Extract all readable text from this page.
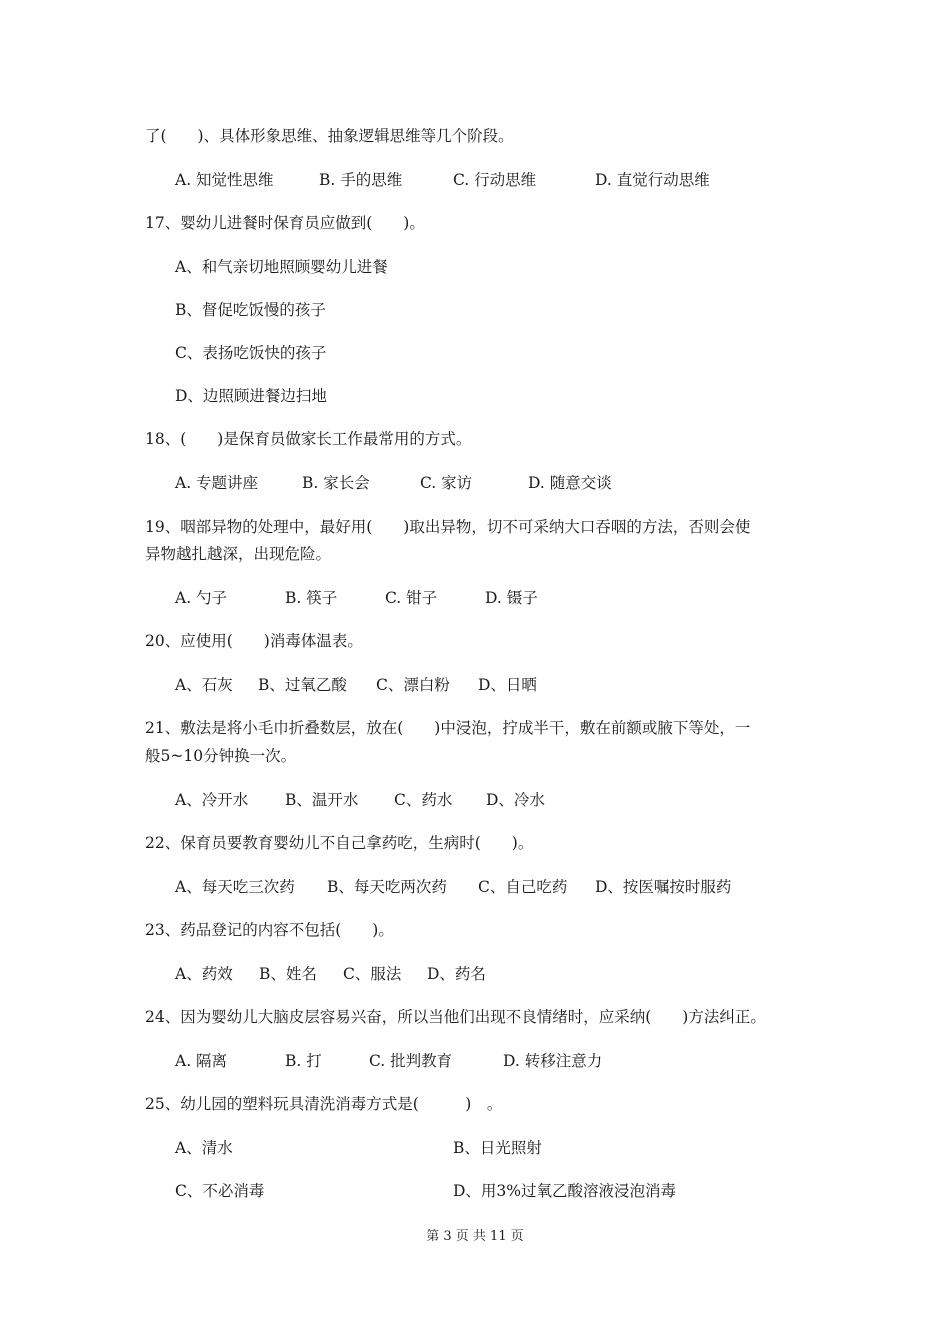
了(　　)、具体形象思维、抽象逻辑思维等几个阶段。
A. 知觉性思维	B. 手的思维	C. 行动思维	D. 直觉行动思维
17、婴幼儿进餐时保育员应做到(　　)。
A、和气亲切地照顾婴幼儿进餐
B、督促吃饭慢的孩子
C、表扬吃饭快的孩子
D、边照顾进餐边扫地
18、(　　)是保育员做家长工作最常用的方式。
A. 专题讲座	B. 家长会	C. 家访	D. 随意交谈
19、咽部异物的处理中，最好用(　　)取出异物，切不可采纳大口吞咽的方法，否则会使
异物越扎越深，出现危险。
A. 勺子	B. 筷子	C. 钳子	D. 镊子
20、应使用(　　)消毒体温表。
A、石灰 B、过氧乙酸 C、漂白粉 D、日晒
21、敷法是将小毛巾折叠数层，放在(　　)中浸泡，拧成半干，敷在前额或腋下等处，一
般5~10分钟换一次。
A、冷开水 B、温开水 C、药水 D、冷水
22、保育员要教育婴幼儿不自己拿药吃，生病时(　　)。
A、每天吃三次药 B、每天吃两次药 C、自己吃药 D、按医嘱按时服药
23、药品登记的内容不包括(　　)。
A、药效 B、姓名 C、服法 D、药名
24、因为婴幼儿大脑皮层容易兴奋，所以当他们出现不良情绪时，应采纳(　　)方法纠正。
A. 隔离	B. 打	C. 批判教育	D. 转移注意力
25、幼儿园的塑料玩具清洗消毒方式是(　　　)　。
A、清水	B、日光照射
C、不必消毒	D、用3%过氧乙酸溶液浸泡消毒
第 3 页 共 11 页
